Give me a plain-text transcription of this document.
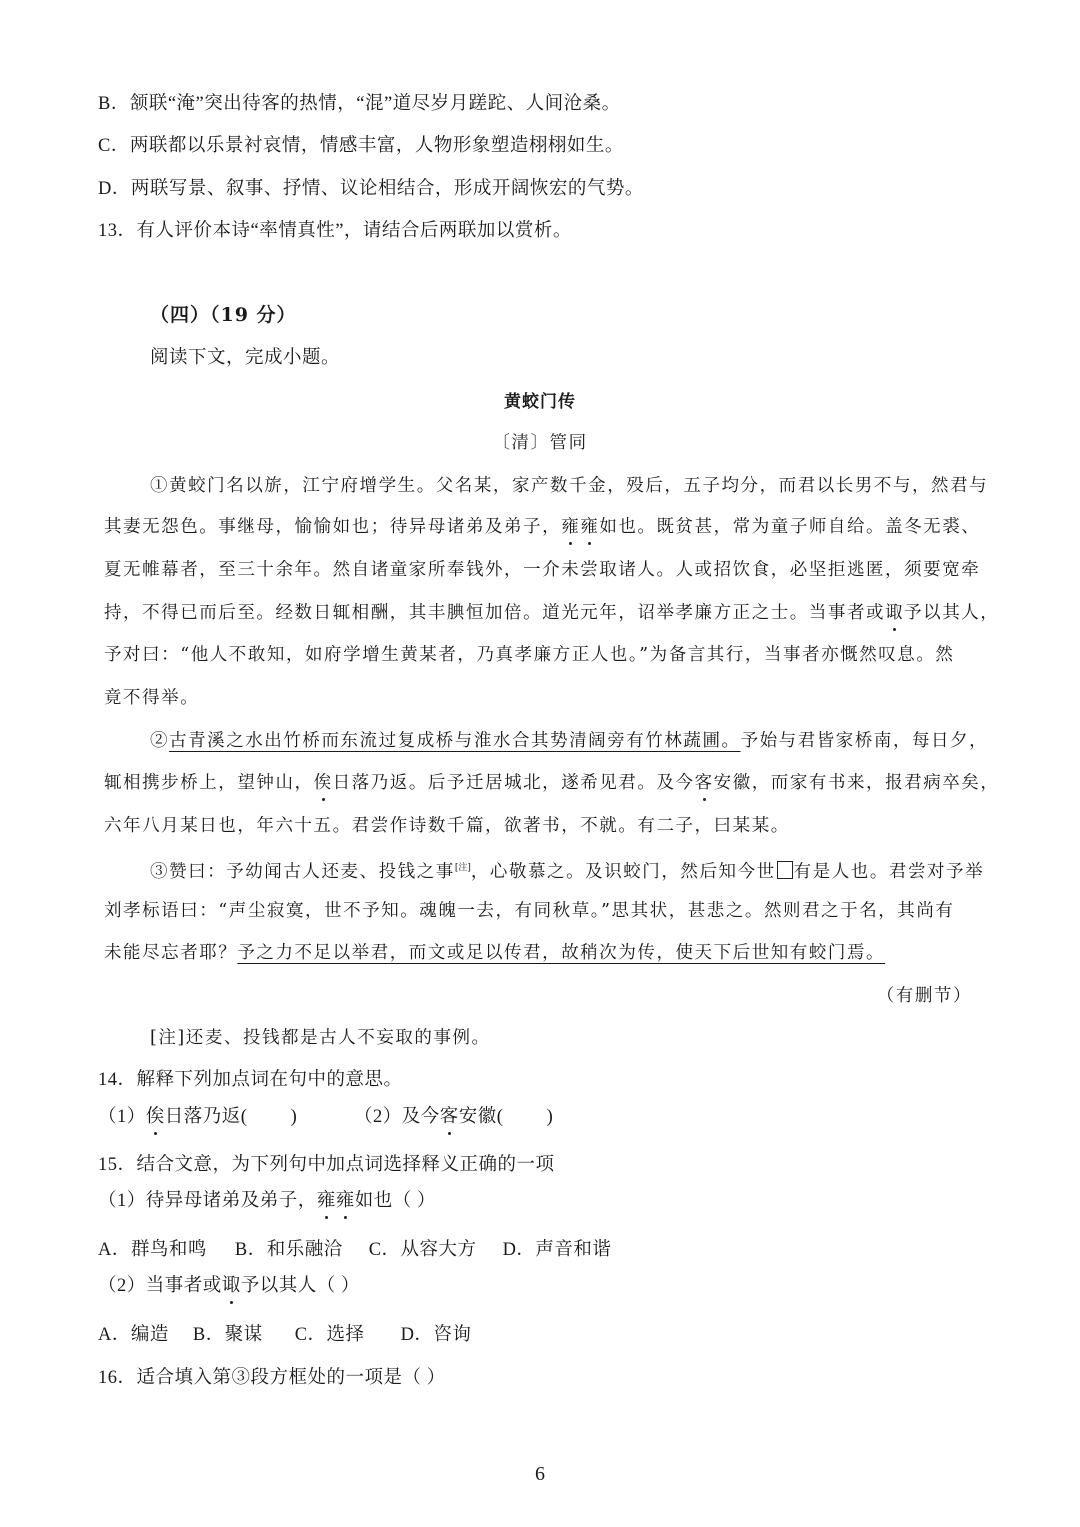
B．颔联“淹”突出待客的热情，“混”道尽岁月蹉跎、人间沧桑。
C．两联都以乐景衬哀情，情感丰富，人物形象塑造栩栩如生。
D．两联写景、叙事、抒情、议论相结合，形成开阔恢宏的气势。
13．有人评价本诗“率情真性”，请结合后两联加以赏析。
（四）（19 分）
阅读下文，完成小题。
黄蛟门传
〔清〕管同
①黄蛟门名以旂，江宁府增学生。父名某，家产数千金，殁后，五子均分，而君以长男不与，然君与
其妻无怨色。事继母，愉愉如也；待异母诸弟及弟子，雍雍如也。既贫甚，常为童子师自给。盖冬无裘、
夏无帷幕者，至三十余年。然自诸童家所奉钱外，一介未尝取诸人。人或招饮食，必坚拒逃匿，须要宽牵
持，不得已而后至。经数日辄相酬，其丰腆恒加倍。道光元年，诏举孝廉方正之士。当事者或诹予以其人，
予对曰：“他人不敢知，如府学增生黄某者，乃真孝廉方正人也。”为备言其行，当事者亦慨然叹息。然
竟不得举。
②古青溪之水出竹桥而东流过复成桥与淮水合其势清阔旁有竹林蔬圃。予始与君皆家桥南，每日夕，
辄相携步桥上，望钟山，俟日落乃返。后予迁居城北，遂希见君。及今客安徽，而家有书来，报君病卒矣，
六年八月某日也，年六十五。君尝作诗数千篇，欲著书，不就。有二子，曰某某。
③赞曰：予幼闻古人还麦、投钱之事[注]，心敬慕之。及识蛟门，然后知今世 有是人也。君尝对予举
刘孝标语曰：“声尘寂寞，世不予知。魂魄一去，有同秋草。”思其状，甚悲之。然则君之于名，其尚有
未能尽忘者耶？予之力不足以举君，而文或足以传君，故稍次为传，使天下后世知有蛟门焉。
（有删节）
[注]还麦、投钱都是古人不妄取的事例。
14．解释下列加点词在句中的意思。
（1）俟日落乃返(　　 )	（2）及今客安徽(　　 )
15．结合文意，为下列句中加点词选择释义正确的一项
（1）待异母诸弟及弟子，雍雍如也（ ）
A．群鸟和鸣 B．和乐融洽 C．从容大方 D．声音和谐
（2）当事者或诹予以其人（ ）
A．编造 B．聚谋 C．选择 D．咨询
16．适合填入第③段方框处的一项是（ ）
6
